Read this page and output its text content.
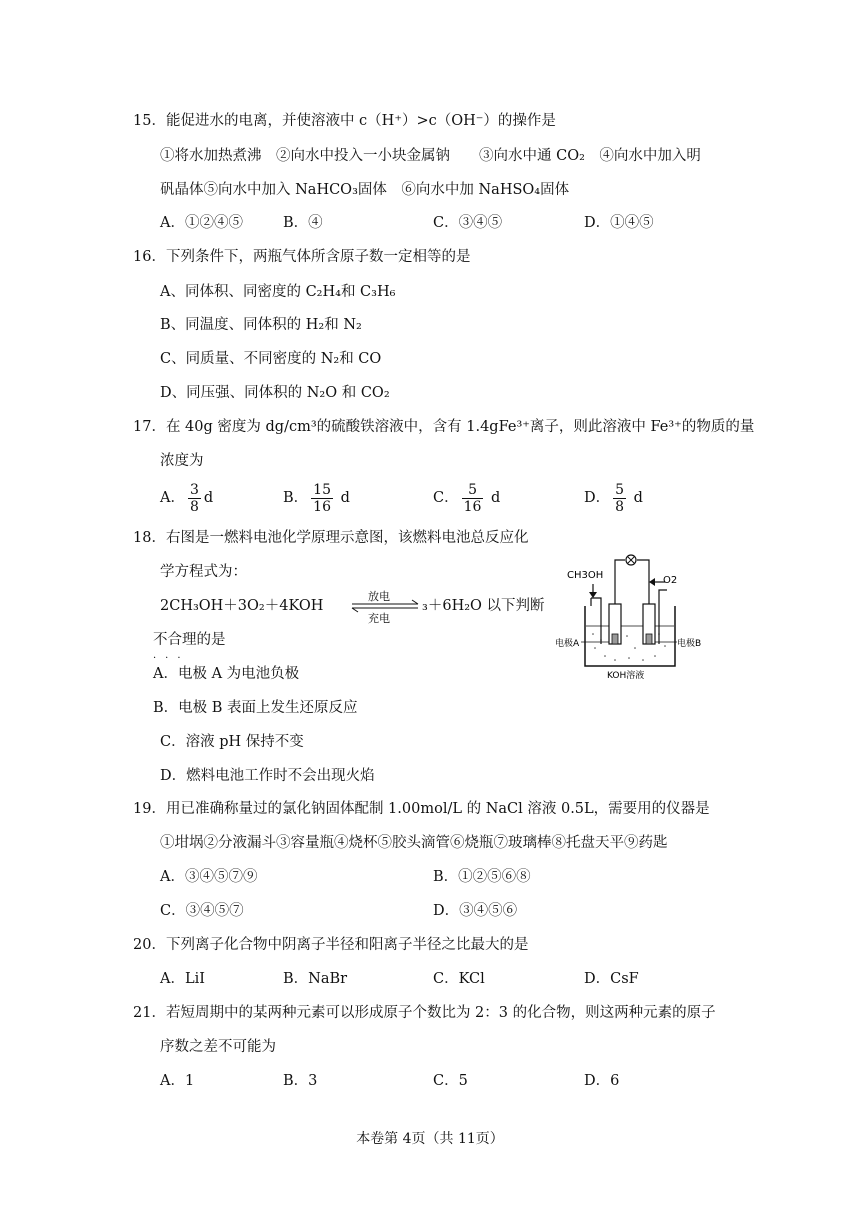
15．能促进水的电离，并使溶液中 c（H⁺）>c（OH⁻）的操作是
①将水加热煮沸　②向水中投入一小块金属钠　　③向水中通 CO₂　④向水中加入明
矾晶体⑤向水中加入 NaHCO₃固体　⑥向水中加 NaHSO₄固体
A．①②④⑤	B．④	C．③④⑤	D．①④⑤
16．下列条件下，两瓶气体所含原子数一定相等的是
A、同体积、同密度的 C₂H₄和 C₃H₆
B、同温度、同体积的 H₂和 N₂
C、同质量、不同密度的 N₂和 CO
D、同压强、同体积的 N₂O 和 CO₂
17．在 40g 密度为 dg/cm³的硫酸铁溶液中，含有 1.4gFe³⁺离子，则此溶液中 Fe³⁺的物质的量
浓度为
A． $\frac{3}{8}$ d	B． $\frac{15}{16}$ d	C． $\frac{5}{16}$ d	D． $\frac{5}{8}$ d
18．右图是一燃料电池化学原理示意图，该燃料电池总反应化
学方程式为：
2CH₃OH＋3O₂＋4KOH
放电
充电
₃＋6H₂O 以下判断
不合理的是
···
A．电极 A 为电池负极
B．电极 B 表面上发生还原反应
C．溶液 pH 保持不变
D．燃料电池工作时不会出现火焰
CH3OH	O2
电极A	电极B
KOH溶液
19．用已准确称量过的氯化钠固体配制 1.00mol/L 的 NaCl 溶液 0.5L，需要用的仪器是
①坩埚②分液漏斗③容量瓶④烧杯⑤胶头滴管⑥烧瓶⑦玻璃棒⑧托盘天平⑨药匙
A．③④⑤⑦⑨	B．①②⑤⑥⑧
C．③④⑤⑦	D．③④⑤⑥
20．下列离子化合物中阴离子半径和阳离子半径之比最大的是
A．LiI	B．NaBr	C．KCl	D．CsF
21．若短周期中的某两种元素可以形成原子个数比为 2：3 的化合物，则这两种元素的原子
序数之差不可能为
A．1	B．3	C．5	D．6
本卷第 4页（共 11页）
